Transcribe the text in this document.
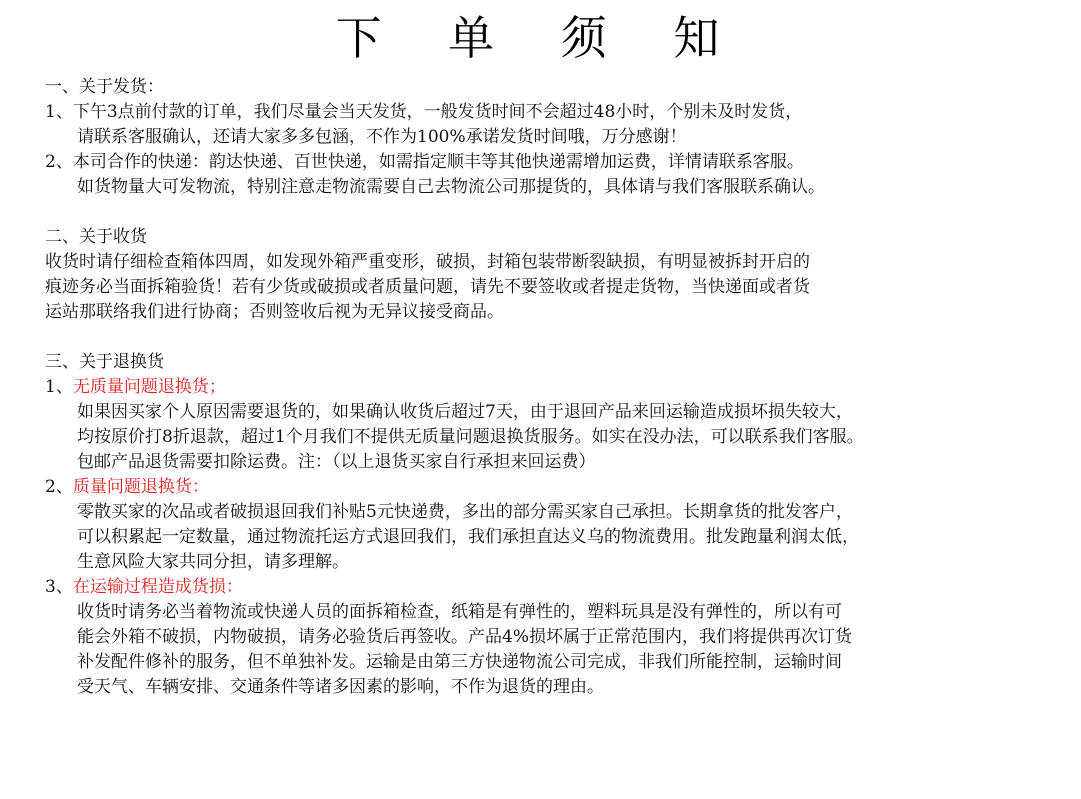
下 单 须 知
一、关于发货：
1、下午3点前付款的订单，我们尽量会当天发货，一般发货时间不会超过48小时，个别未及时发货，
请联系客服确认，还请大家多多包涵，不作为100%承诺发货时间哦，万分感谢！
2、本司合作的快递：韵达快递、百世快递，如需指定顺丰等其他快递需增加运费，详情请联系客服。
如货物量大可发物流，特别注意走物流需要自己去物流公司那提货的，具体请与我们客服联系确认。
二、关于收货
收货时请仔细检查箱体四周，如发现外箱严重变形，破损，封箱包装带断裂缺损，有明显被拆封开启的
痕迹务必当面拆箱验货！若有少货或破损或者质量问题，请先不要签收或者提走货物，当快递面或者货
运站那联络我们进行协商；否则签收后视为无异议接受商品。
三、关于退换货
1、无质量问题退换货；
如果因买家个人原因需要退货的，如果确认收货后超过7天，由于退回产品来回运输造成损坏损失较大，
均按原价打8折退款，超过1个月我们不提供无质量问题退换货服务。如实在没办法，可以联系我们客服。
包邮产品退货需要扣除运费。注：（以上退货买家自行承担来回运费）
2、质量问题退换货：
零散买家的次品或者破损退回我们补贴5元快递费，多出的部分需买家自己承担。长期拿货的批发客户，
可以积累起一定数量，通过物流托运方式退回我们，我们承担直达义乌的物流费用。批发跑量利润太低，
生意风险大家共同分担，请多理解。
3、在运输过程造成货损：
收货时请务必当着物流或快递人员的面拆箱检查，纸箱是有弹性的，塑料玩具是没有弹性的，所以有可
能会外箱不破损，内物破损，请务必验货后再签收。产品4%损坏属于正常范围内，我们将提供再次订货
补发配件修补的服务，但不单独补发。运输是由第三方快递物流公司完成，非我们所能控制，运输时间
受天气、车辆安排、交通条件等诸多因素的影响，不作为退货的理由。
